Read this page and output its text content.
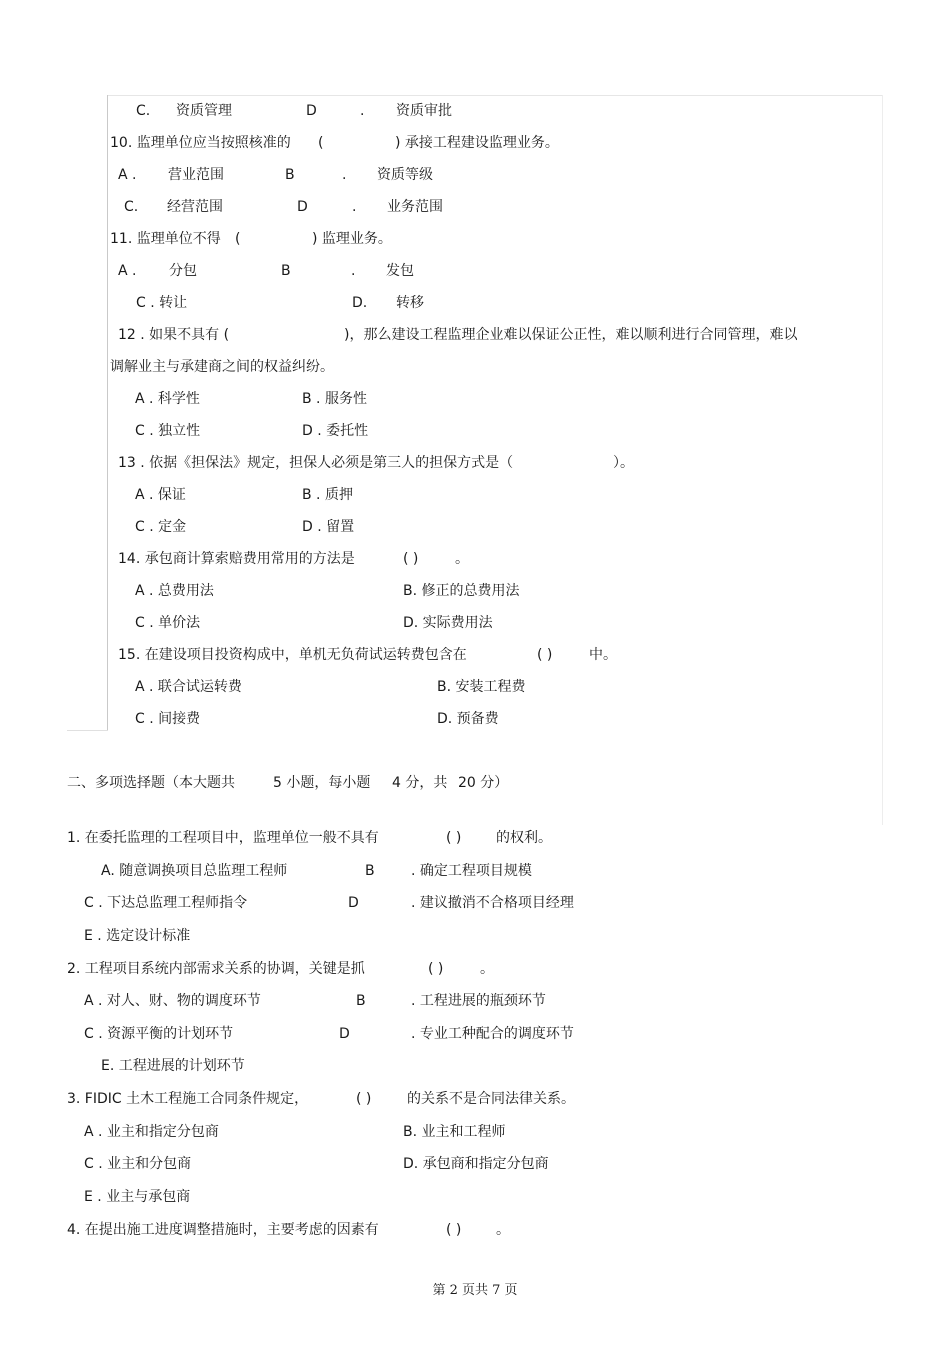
C. 资质管理	D	. 资质审批
10. 监理单位应当按照核准的 (	) 承接工程建设监理业务。
A . 营业范围	B	. 资质等级
C. 经营范围	D	. 业务范围
11. 监理单位不得 (	) 监理业务。
A . 分包	B	. 发包
C . 转让	D. 转移
12 . 如果不具有 (	)，那么建设工程监理企业难以保证公正性，难以顺利进行合同管理，难以
调解业主与承建商之间的权益纠纷。
A . 科学性	B . 服务性
C . 独立性	D . 委托性
13 . 依据《担保法》规定，担保人必须是第三人的担保方式是（	）。
A . 保证	B . 质押
C . 定金	D . 留置
14. 承包商计算索赔费用常用的方法是	( )	。
A . 总费用法	B. 修正的总费用法
C . 单价法	D. 实际费用法
15. 在建设项目投资构成中，单机无负荷试运转费包含在	( )	中。
A . 联合试运转费	B. 安装工程费
C . 间接费	D. 预备费
二、多项选择题（本大题共	5 小题，每小题 4 分，共 20 分）
1. 在委托监理的工程项目中，监理单位一般不具有	( ) 的权利。
A. 随意调换项目总监理工程师	B	. 确定工程项目规模
C . 下达总监理工程师指令	D	. 建议撤消不合格项目经理
E . 选定设计标准
2. 工程项目系统内部需求关系的协调，关键是抓	( )	。
A . 对人、财、物的调度环节	B	. 工程进展的瓶颈环节
C . 资源平衡的计划环节	D	. 专业工种配合的调度环节
E. 工程进展的计划环节
3. FIDIC 土木工程施工合同条件规定，	( )	的关系不是合同法律关系。
A . 业主和指定分包商	B. 业主和工程师
C . 业主和分包商	D. 承包商和指定分包商
E . 业主与承包商
4. 在提出施工进度调整措施时，主要考虑的因素有	( ) 。
第 2 页共 7 页
